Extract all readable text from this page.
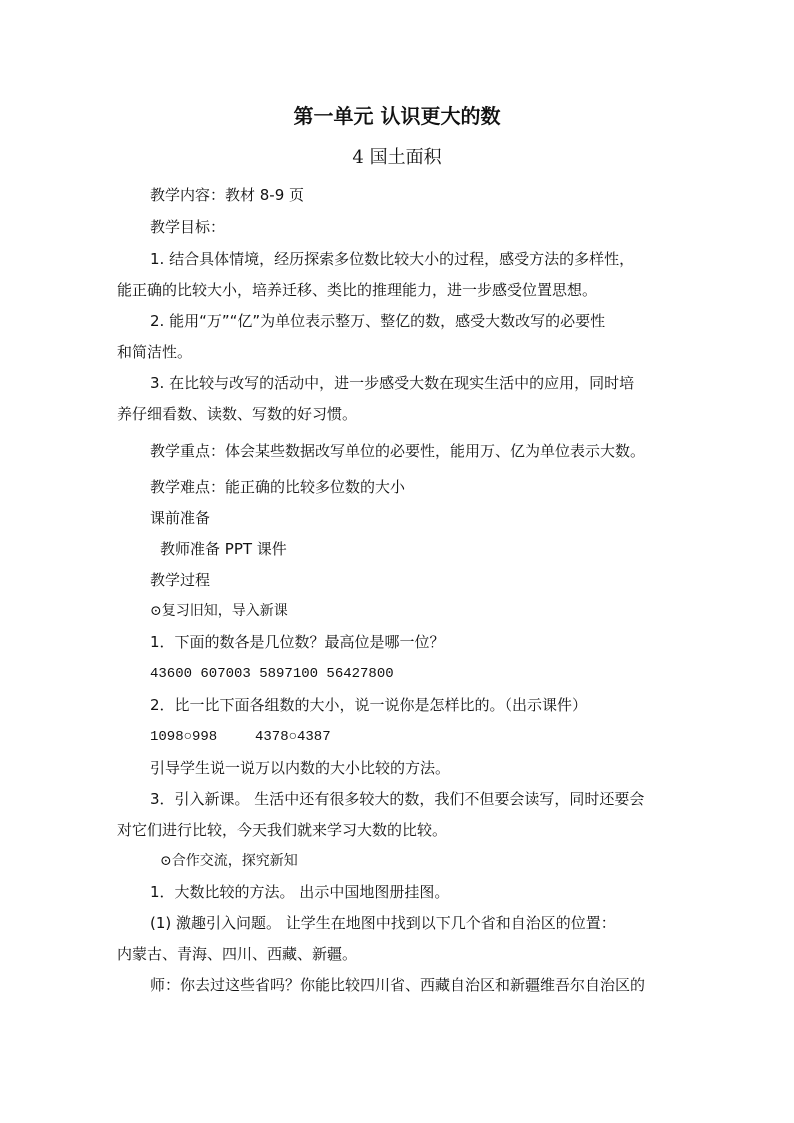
第一单元 认识更大的数
4 国土面积
教学内容：教材 8-9 页
教学目标：
1. 结合具体情境，经历探索多位数比较大小的过程，感受方法的多样性，
能正确的比较大小，培养迁移、类比的推理能力，进一步感受位置思想。
2. 能用“万”“亿”为单位表示整万、整亿的数，感受大数改写的必要性
和简洁性。
3. 在比较与改写的活动中，进一步感受大数在现实生活中的应用，同时培
养仔细看数、读数、写数的好习惯。
教学重点：体会某些数据改写单位的必要性，能用万、亿为单位表示大数。
教学难点：能正确的比较多位数的大小
课前准备
教师准备 PPT 课件
教学过程
⊙复习旧知，导入新课
1．下面的数各是几位数？最高位是哪一位？
43600 607003 5897100 56427800
2．比一比下面各组数的大小，说一说你是怎样比的。（出示课件）
1098○998	4378○4387
引导学生说一说万以内数的大小比较的方法。
3．引入新课。 生活中还有很多较大的数，我们不但要会读写，同时还要会
对它们进行比较，今天我们就来学习大数的比较。
⊙合作交流，探究新知
1．大数比较的方法。 出示中国地图册挂图。
(1) 激趣引入问题。 让学生在地图中找到以下几个省和自治区的位置：
内蒙古、青海、四川、西藏、新疆。
师：你去过这些省吗？你能比较四川省、西藏自治区和新疆维吾尔自治区的
